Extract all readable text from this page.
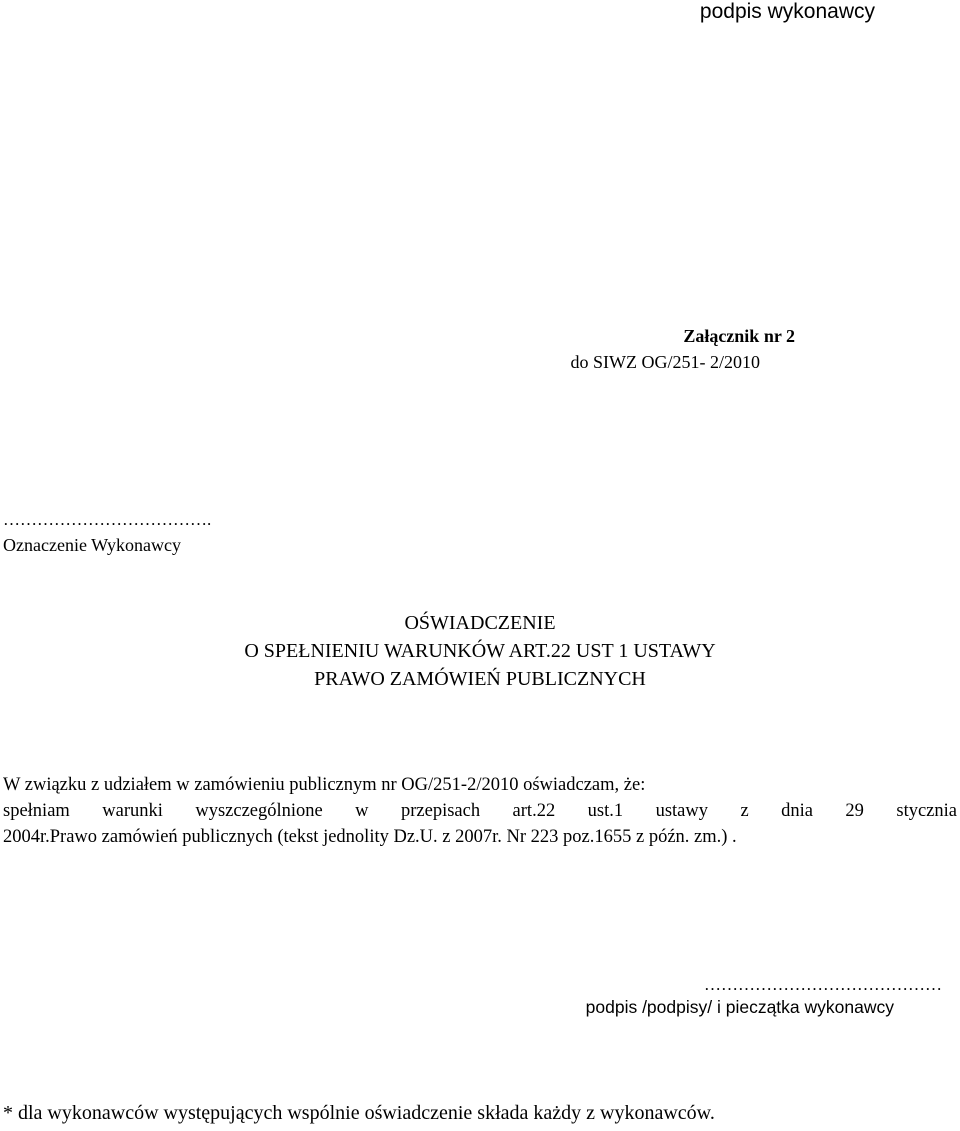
podpis wykonawcy
Załącznik nr 2
do SIWZ OG/251- 2/2010
……………………………….
Oznaczenie Wykonawcy
OŚWIADCZENIE
O SPEŁNIENIU WARUNKÓW ART.22 UST 1 USTAWY
PRAWO ZAMÓWIEŃ PUBLICZNYCH
W związku z udziałem w zamówieniu publicznym nr OG/251-2/2010 oświadczam, że:
spełniam warunki wyszczególnione w przepisach art.22 ust.1 ustawy z dnia 29 stycznia
2004r.Prawo zamówień publicznych (tekst jednolity Dz.U. z 2007r. Nr 223 poz.1655 z późn. zm.) .
……………………………………
podpis /podpisy/ i pieczątka wykonawcy
* dla wykonawców występujących wspólnie oświadczenie składa każdy z wykonawców.
